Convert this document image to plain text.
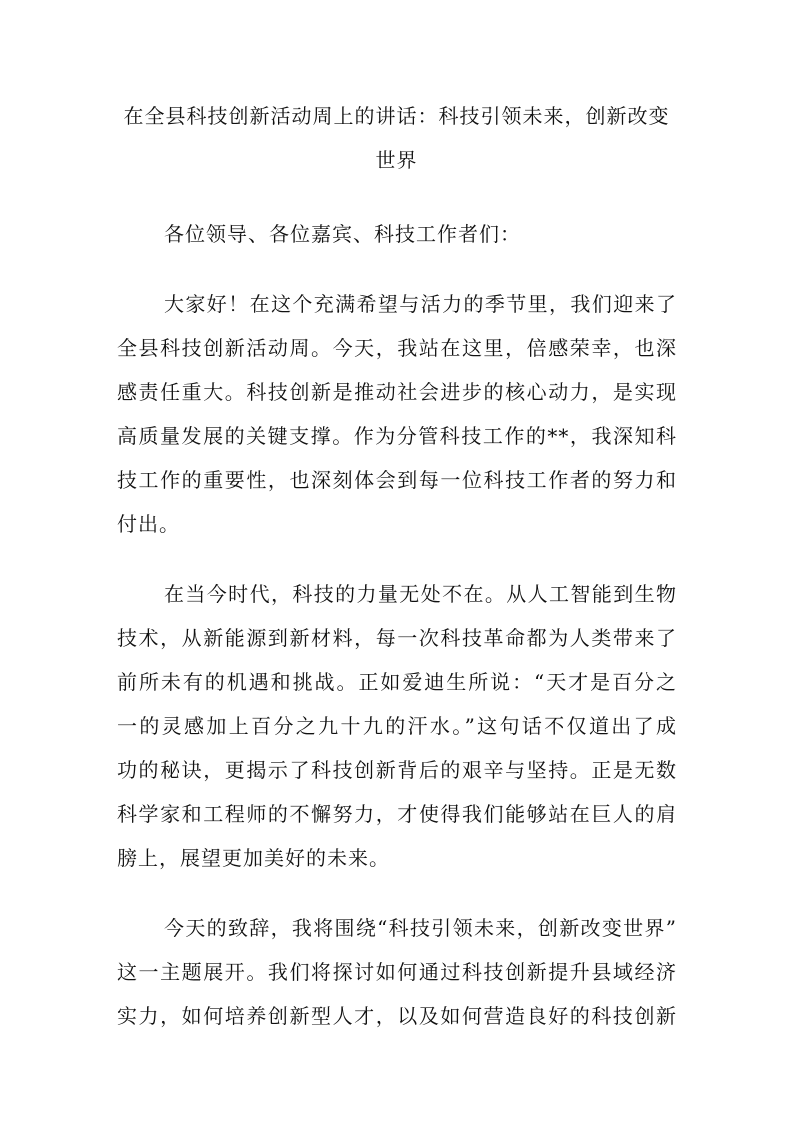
在全县科技创新活动周上的讲话：科技引领未来，创新改变
世界
各位领导、各位嘉宾、科技工作者们：
大家好！在这个充满希望与活力的季节里，我们迎来了
全县科技创新活动周。今天，我站在这里，倍感荣幸，也深
感责任重大。科技创新是推动社会进步的核心动力，是实现
高质量发展的关键支撑。作为分管科技工作的**，我深知科
技工作的重要性，也深刻体会到每一位科技工作者的努力和
付出。
在当今时代，科技的力量无处不在。从人工智能到生物
技术，从新能源到新材料，每一次科技革命都为人类带来了
前所未有的机遇和挑战。正如爱迪生所说：“天才是百分之
一的灵感加上百分之九十九的汗水。”这句话不仅道出了成
功的秘诀，更揭示了科技创新背后的艰辛与坚持。正是无数
科学家和工程师的不懈努力，才使得我们能够站在巨人的肩
膀上，展望更加美好的未来。
今天的致辞，我将围绕“科技引领未来，创新改变世界”
这一主题展开。我们将探讨如何通过科技创新提升县域经济
实力，如何培养创新型人才，以及如何营造良好的科技创新
